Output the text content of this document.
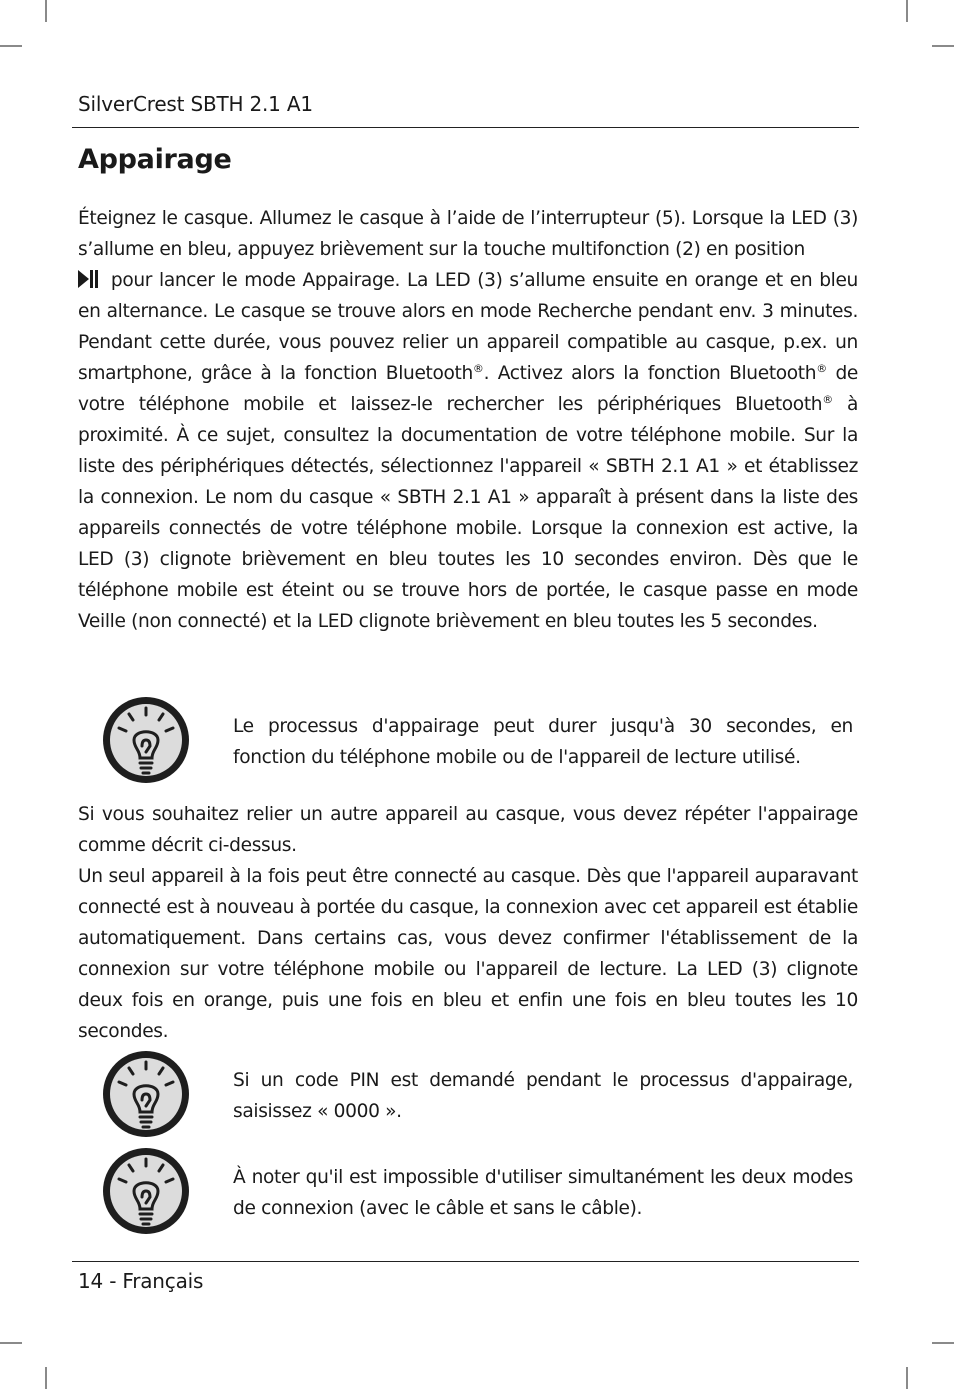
SilverCrest SBTH 2.1 A1
Appairage

Éteignez le casque. Allumez le casque à l’aide de l’interrupteur (5). Lorsque la LED (3) s’allume en bleu, appuyez brièvement sur la touche multifonction (2) en position

pour lancer le mode Appairage. La LED (3) s’allume ensuite en orange et en bleu en alternance. Le casque se trouve alors en mode Recherche pendant env. 3 minutes. Pendant cette durée, vous pouvez relier un appareil compatible au casque, p.ex. un smartphone, grâce à la fonction Bluetooth®. Activez alors la fonction Bluetooth® de votre téléphone mobile et laissez-le rechercher les périphériques Bluetooth® à proximité. À ce sujet, consultez la documentation de votre téléphone mobile. Sur la liste des périphériques détectés, sélectionnez l'appareil « SBTH 2.1 A1 » et établissez la connexion. Le nom du casque « SBTH 2.1 A1 » apparaît à présent dans la liste des appareils connectés de votre téléphone mobile. Lorsque la connexion est active, la LED (3) clignote brièvement en bleu toutes les 10 secondes environ. Dès que le téléphone mobile est éteint ou se trouve hors de portée, le casque passe en mode Veille (non connecté) et la LED clignote brièvement en bleu toutes les 5 secondes.

Le processus d'appairage peut durer jusqu'à 30 secondes, en fonction du téléphone mobile ou de l'appareil de lecture utilisé.

Si vous souhaitez relier un autre appareil au casque, vous devez répéter l'appairage comme décrit ci-dessus.

Un seul appareil à la fois peut être connecté au casque. Dès que l'appareil auparavant connecté est à nouveau à portée du casque, la connexion avec cet appareil est établie automatiquement. Dans certains cas, vous devez confirmer l'établissement de la connexion sur votre téléphone mobile ou l'appareil de lecture. La LED (3) clignote deux fois en orange, puis une fois en bleu et enfin une fois en bleu toutes les 10 secondes.

Si un code PIN est demandé pendant le processus d'appairage, saisissez « 0000 ».

À noter qu'il est impossible d'utiliser simultanément les deux modes de connexion (avec le câble et sans le câble).

14 - Français
